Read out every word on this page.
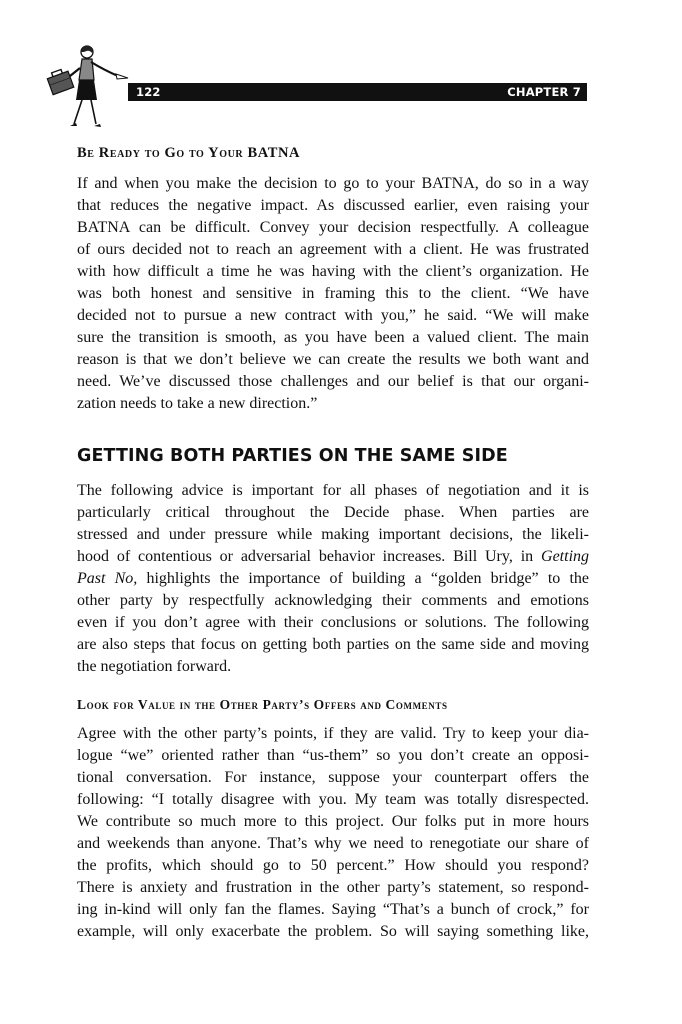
122	CHAPTER 7
Be Ready to Go to Your BATNA
If and when you make the decision to go to your BATNA, do so in a way
that reduces the negative impact. As discussed earlier, even raising your
BATNA can be difficult. Convey your decision respectfully. A colleague
of ours decided not to reach an agreement with a client. He was frustrated
with how difficult a time he was having with the client’s organization. He
was both honest and sensitive in framing this to the client. “We have
decided not to pursue a new contract with you,” he said. “We will make
sure the transition is smooth, as you have been a valued client. The main
reason is that we don’t believe we can create the results we both want and
need. We’ve discussed those challenges and our belief is that our organi-
zation needs to take a new direction.”
GETTING BOTH PARTIES ON THE SAME SIDE
The following advice is important for all phases of negotiation and it is
particularly critical throughout the Decide phase. When parties are
stressed and under pressure while making important decisions, the likeli-
hood of contentious or adversarial behavior increases. Bill Ury, in Getting
Past No, highlights the importance of building a “golden bridge” to the
other party by respectfully acknowledging their comments and emotions
even if you don’t agree with their conclusions or solutions. The following
are also steps that focus on getting both parties on the same side and moving
the negotiation forward.
Look for Value in the Other Party’s Offers and Comments
Agree with the other party’s points, if they are valid. Try to keep your dia-
logue “we” oriented rather than “us-them” so you don’t create an opposi-
tional conversation. For instance, suppose your counterpart offers the
following: “I totally disagree with you. My team was totally disrespected.
We contribute so much more to this project. Our folks put in more hours
and weekends than anyone. That’s why we need to renegotiate our share of
the profits, which should go to 50 percent.” How should you respond?
There is anxiety and frustration in the other party’s statement, so respond-
ing in-kind will only fan the flames. Saying “That’s a bunch of crock,” for
example, will only exacerbate the problem. So will saying something like,
